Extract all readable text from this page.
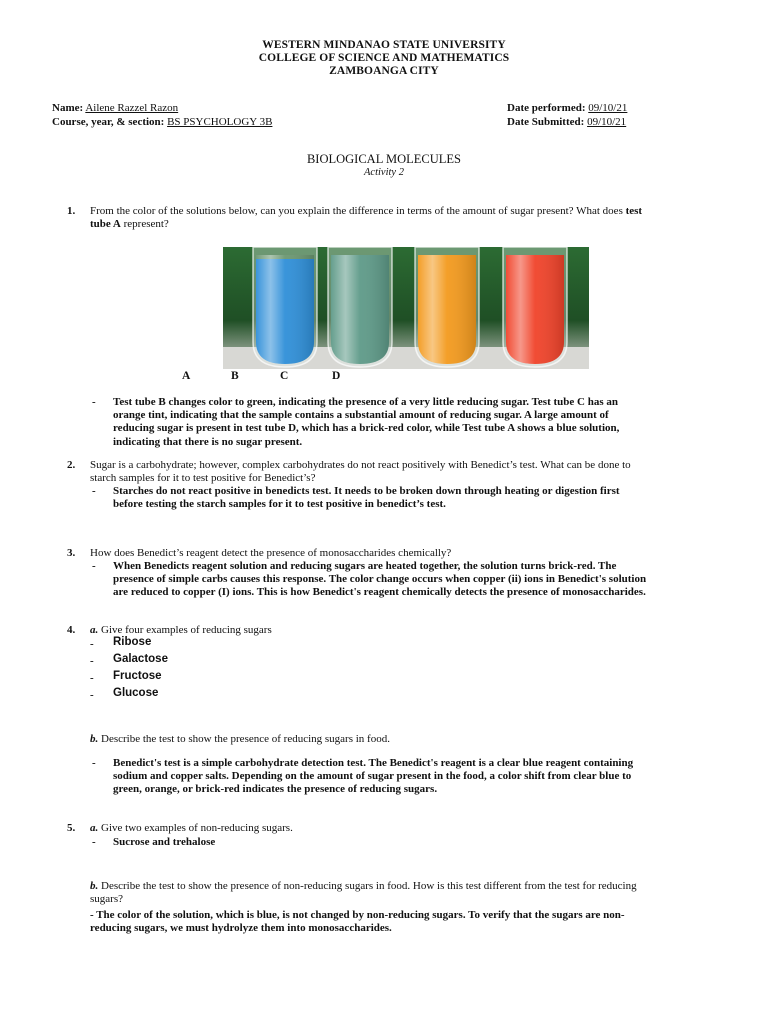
WESTERN MINDANAO STATE UNIVERSITY
COLLEGE OF SCIENCE AND MATHEMATICS
ZAMBOANGA CITY
Name: Ailene Razzel Razon
Course, year, & section: BS PSYCHOLOGY 3B
Date performed: 09/10/21
Date Submitted: 09/10/21
BIOLOGICAL MOLECULES
Activity 2
1. From the color of the solutions below, can you explain the difference in terms of the amount of sugar present? What does test
tube A represent?
A	B	C	D
- Test tube B changes color to green, indicating the presence of a very little reducing sugar. Test tube C has an
orange tint, indicating that the sample contains a substantial amount of reducing sugar. A large amount of
reducing sugar is present in test tube D, which has a brick-red color, while Test tube A shows a blue solution,
indicating that there is no sugar present.
2. Sugar is a carbohydrate; however, complex carbohydrates do not react positively with Benedict’s test. What can be done to
starch samples for it to test positive for Benedict’s?
- Starches do not react positive in benedicts test. It needs to be broken down through heating or digestion first
before testing the starch samples for it to test positive in benedict’s test.
3. How does Benedict’s reagent detect the presence of monosaccharides chemically?
- When Benedicts reagent solution and reducing sugars are heated together, the solution turns brick-red. The
presence of simple carbs causes this response. The color change occurs when copper (ii) ions in Benedict's solution
are reduced to copper (I) ions. This is how Benedict's reagent chemically detects the presence of monosaccharides.
4. a. Give four examples of reducing sugars
- Ribose
- Galactose
- Fructose
- Glucose
b. Describe the test to show the presence of reducing sugars in food.
- Benedict's test is a simple carbohydrate detection test. The Benedict's reagent is a clear blue reagent containing
sodium and copper salts. Depending on the amount of sugar present in the food, a color shift from clear blue to
green, orange, or brick-red indicates the presence of reducing sugars.
5. a. Give two examples of non-reducing sugars.
- Sucrose and trehalose
b. Describe the test to show the presence of non-reducing sugars in food. How is this test different from the test for reducing
sugars?
- The color of the solution, which is blue, is not changed by non-reducing sugars. To verify that the sugars are non-
reducing sugars, we must hydrolyze them into monosaccharides.
